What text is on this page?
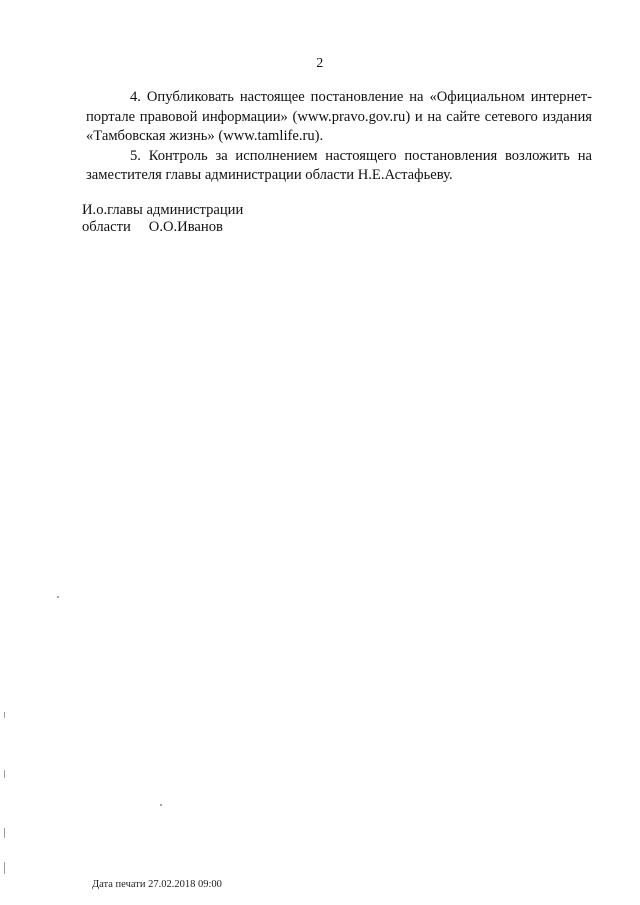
2

4. Опубликовать настоящее постановление на «Официальном интернет-портале правовой информации» (www.pravo.gov.ru) и на сайте сетевого издания «Тамбовская жизнь» (www.tamlife.ru).

5. Контроль за исполнением настоящего постановления возложить на заместителя главы администрации области Н.Е.Астафьеву.

И.о.главы администрации
области О.О.Иванов
Дата печати 27.02.2018 09:00
